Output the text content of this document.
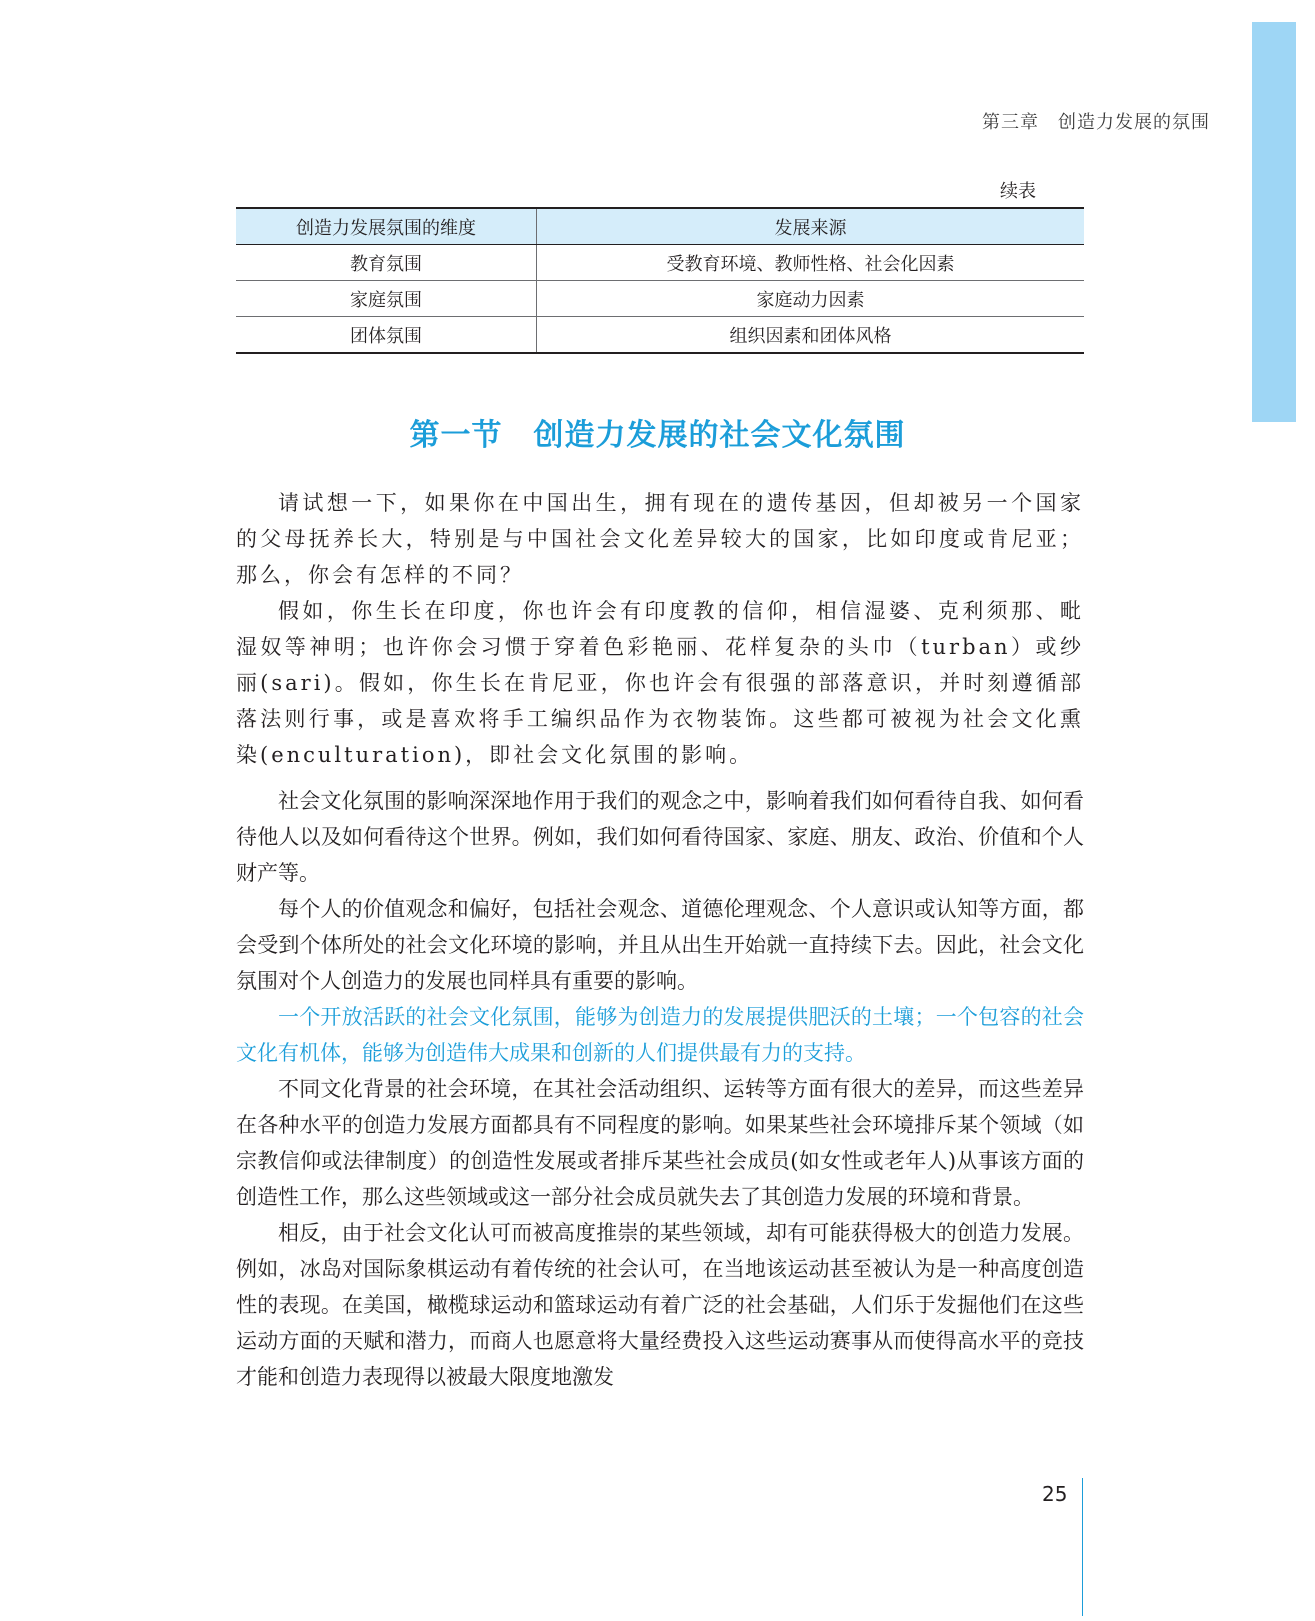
第三章　创造力发展的氛围
续表
创造力发展氛围的维度	发展来源
教育氛围	受教育环境、教师性格、社会化因素
家庭氛围	家庭动力因素
团体氛围	组织因素和团体风格
第一节　创造力发展的社会文化氛围

请试想一下，如果你在中国出生，拥有现在的遗传基因，但却被另一个国家的父母抚养长大，特别是与中国社会文化差异较大的国家，比如印度或肯尼亚；那么，你会有怎样的不同？

假如，你生长在印度，你也许会有印度教的信仰，相信湿婆、克利须那、毗湿奴等神明；也许你会习惯于穿着色彩艳丽、花样复杂的头巾（turban）或纱丽(sari)。假如，你生长在肯尼亚，你也许会有很强的部落意识，并时刻遵循部落法则行事，或是喜欢将手工编织品作为衣物装饰。这些都可被视为社会文化熏染(enculturation)，即社会文化氛围的影响。

社会文化氛围的影响深深地作用于我们的观念之中，影响着我们如何看待自我、如何看待他人以及如何看待这个世界。例如，我们如何看待国家、家庭、朋友、政治、价值和个人财产等。

每个人的价值观念和偏好，包括社会观念、道德伦理观念、个人意识或认知等方面，都会受到个体所处的社会文化环境的影响，并且从出生开始就一直持续下去。因此，社会文化氛围对个人创造力的发展也同样具有重要的影响。

一个开放活跃的社会文化氛围，能够为创造力的发展提供肥沃的土壤；一个包容的社会文化有机体，能够为创造伟大成果和创新的人们提供最有力的支持。

不同文化背景的社会环境，在其社会活动组织、运转等方面有很大的差异，而这些差异在各种水平的创造力发展方面都具有不同程度的影响。如果某些社会环境排斥某个领域（如宗教信仰或法律制度）的创造性发展或者排斥某些社会成员(如女性或老年人)从事该方面的创造性工作，那么这些领域或这一部分社会成员就失去了其创造力发展的环境和背景。

相反，由于社会文化认可而被高度推崇的某些领域，却有可能获得极大的创造力发展。例如，冰岛对国际象棋运动有着传统的社会认可，在当地该运动甚至被认为是一种高度创造性的表现。在美国，橄榄球运动和篮球运动有着广泛的社会基础，人们乐于发掘他们在这些运动方面的天赋和潜力，而商人也愿意将大量经费投入这些运动赛事从而使得高水平的竞技才能和创造力表现得以被最大限度地激发

25
